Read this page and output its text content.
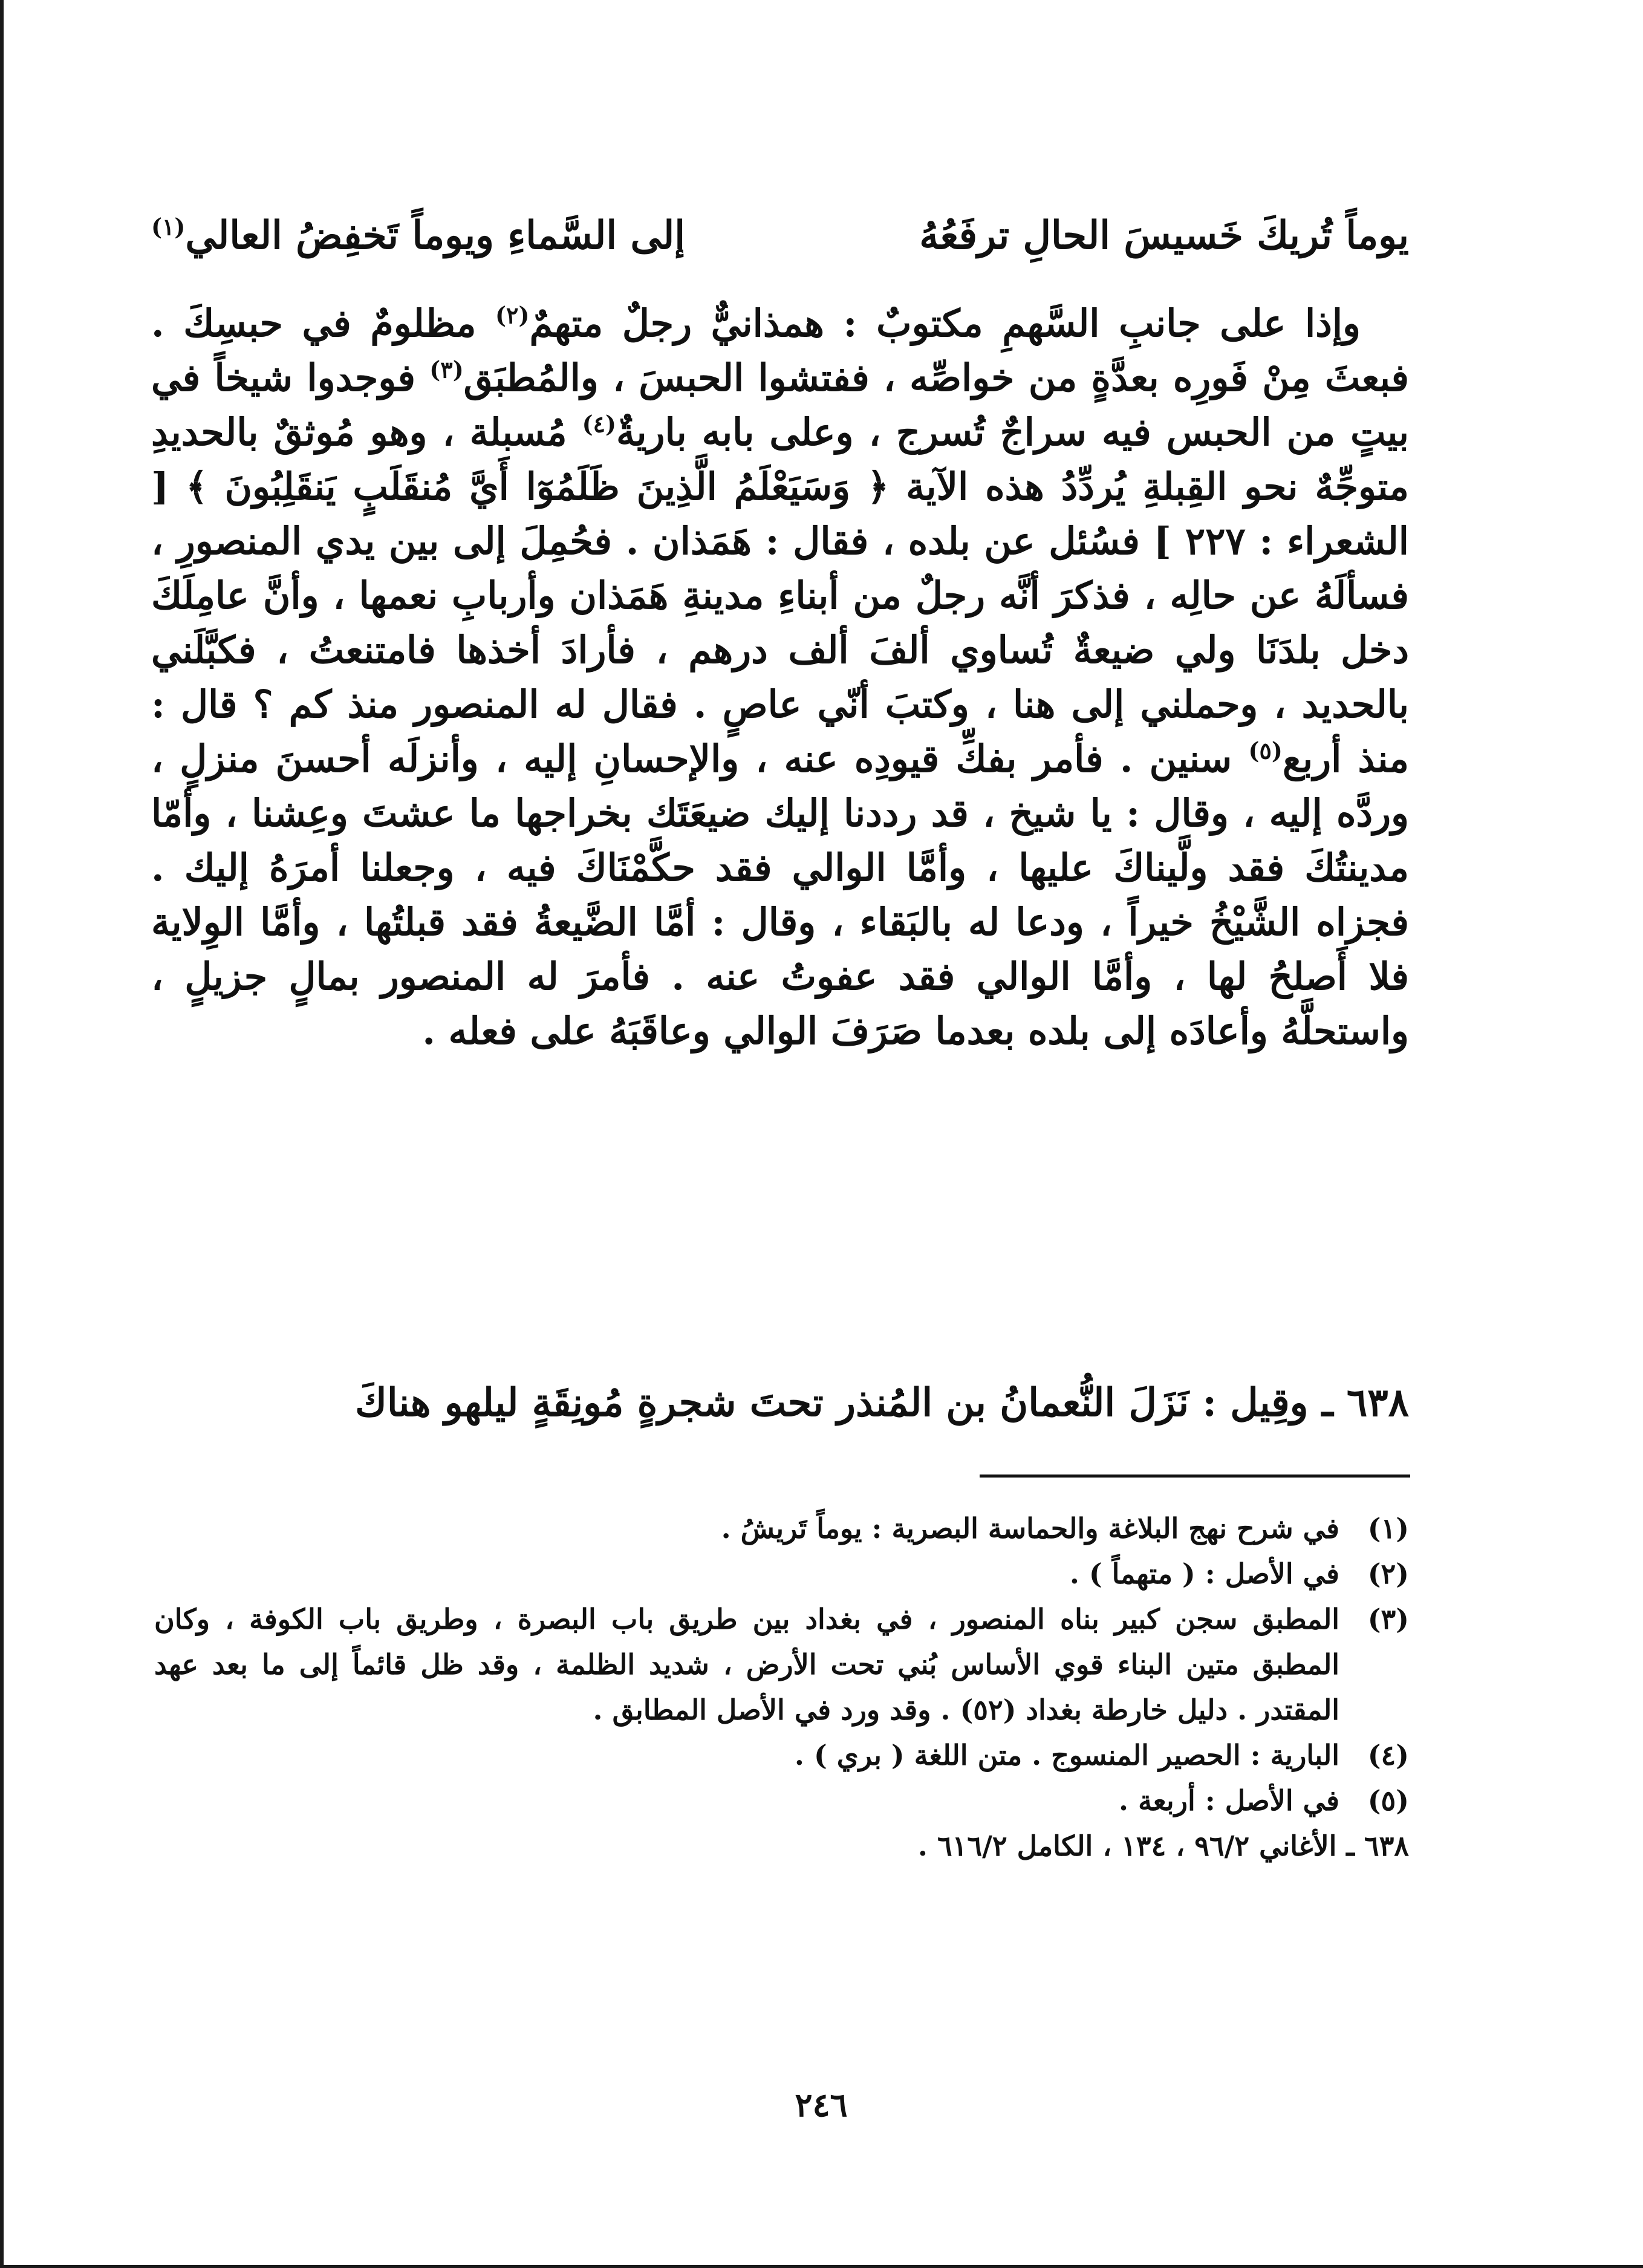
يوماً تُريكَ خَسيسَ الحالِ ترفَعُهُ
إلى السَّماءِ ويوماً تَخفِضُ العالي$^{(١)}$

وإذا على جانبِ السَّهمِ مكتوبٌ : همذانيٌّ رجلٌ متهمٌ$^{(٢)}$ مظلومٌ في حبسِكَ . فبعثَ مِنْ فَورِه بعدَّةٍ من خواصِّه ، ففتشوا الحبسَ ، والمُطبَق$^{(٣)}$ فوجدوا شيخاً في بيتٍ من الحبس فيه سراجٌ تُسرج ، وعلى بابه باريةٌ$^{(٤)}$ مُسبلة ، وهو مُوثقٌ بالحديدِ متوجِّهٌ نحو القِبلةِ يُردِّدُ هذه الآية ﴿ وَسَيَعْلَمُ الَّذِينَ ظَلَمُوٓا أَيَّ مُنقَلَبٍ يَنقَلِبُونَ ﴾ [ الشعراء : ٢٢٧ ] فسُئل عن بلده ، فقال : هَمَذان . فحُمِلَ إلى بين يدي المنصورِ ، فسألَهُ عن حالِه ، فذكرَ أنَّه رجلٌ من أبناءِ مدينةِ هَمَذان وأربابِ نعمها ، وأنَّ عامِلَكَ دخل بلدَنَا ولي ضيعةٌ تُساوي ألفَ ألف درهم ، فأرادَ أخذها فامتنعتُ ، فكبَّلَني بالحديد ، وحملني إلى هنا ، وكتبَ أنّي عاصٍ . فقال له المنصور منذ كم ؟ قال : منذ أربع$^{(٥)}$ سنين . فأمر بفكِّ قيودِه عنه ، والإحسانِ إليه ، وأنزلَه أحسنَ منزلٍ ، وردَّه إليه ، وقال : يا شيخ ، قد رددنا إليك ضيعَتَك بخراجها ما عشتَ وعِشنا ، وأمّا مدينتُكَ فقد ولَّيناكَ عليها ، وأمَّا الوالي فقد حكَّمْنَاكَ فيه ، وجعلنا أمرَهُ إليك . فجزاه الشَّيْخُ خيراً ، ودعا له بالبَقاء ، وقال : أمَّا الضَّيعةُ فقد قبلتُها ، وأمَّا الوِلاية فلا أَصلحُ لها ، وأمَّا الوالي فقد عفوتُ عنه . فأمرَ له المنصور بمالٍ جزيلٍ ، واستحلَّهُ وأعادَه إلى بلده بعدما صَرَفَ الوالي وعاقَبَهُ على فعله .

٦٣٨ ـ وقِيل : نَزَلَ النُّعمانُ بن المُنذر تحتَ شجرةٍ مُونِقَةٍ ليلهو هناكَ
(١)
في شرح نهج البلاغة والحماسة البصرية : يوماً تَريشُ .
(٢)
في الأصل : ( متهماً ) .
(٣)
المطبق سجن كبير بناه المنصور ، في بغداد بين طريق باب البصرة ، وطريق باب الكوفة ، وكان المطبق متين البناء قوي الأساس بُني تحت الأرض ، شديد الظلمة ، وقد ظل قائماً إلى ما بعد عهد المقتدر . دليل خارطة بغداد (٥٢) . وقد ورد في الأصل المطابق .
(٤)
البارية : الحصير المنسوج . متن اللغة ( بري ) .
(٥)
في الأصل : أربعة .

٦٣٨ ـ الأغاني ٩٦/٢ ، ١٣٤ ، الكامل ٦١٦/٢ .

٢٤٦
